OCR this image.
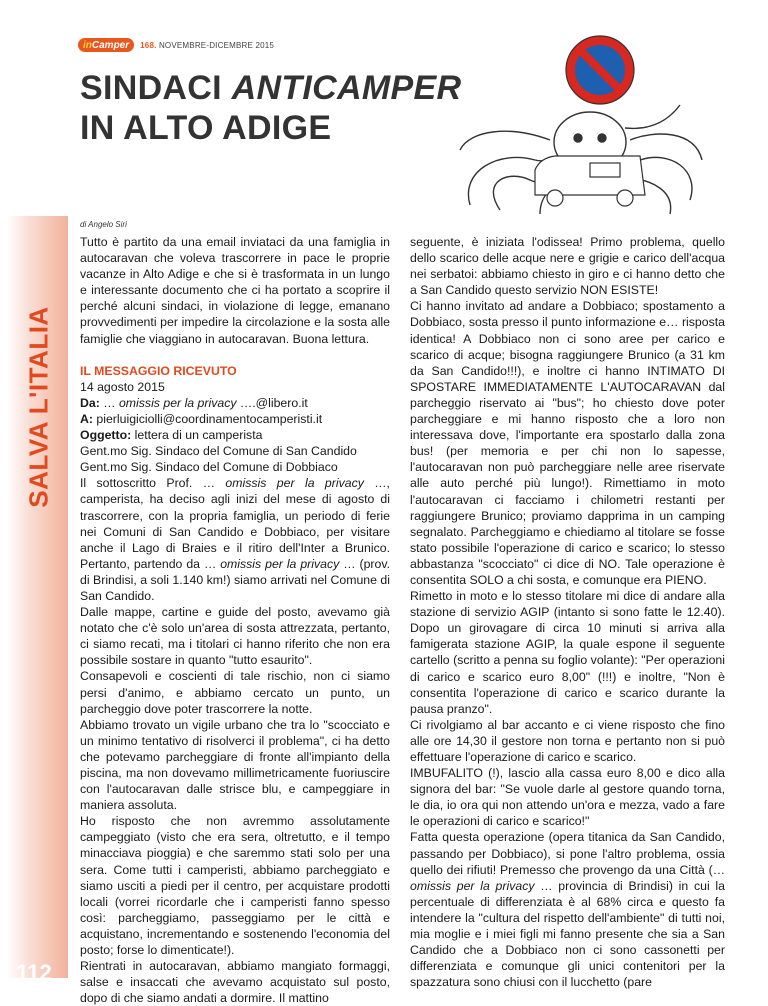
SALVA L'ITALIA
112
in Camper 168. NOVEMBRE-DICEMBRE 2015
SINDACI ANTICAMPER
IN ALTO ADIGE
di Angelo Siri

Tutto è partito da una email inviataci da una famiglia in autocaravan che voleva trascorrere in pace le proprie vacanze in Alto Adige e che si è trasformata in un lungo e interessante documento che ci ha portato a scoprire il perché alcuni sindaci, in violazione di legge, emanano provvedimenti per impedire la circolazione e la sosta alle famiglie che viaggiano in autocaravan. Buona lettura.

IL MESSAGGIO RICEVUTO

14 agosto 2015

Da: … omissis per la privacy ….@libero.it

A: pierluigiciolli@coordinamentocamperisti.it

Oggetto: lettera di un camperista

Gent.mo Sig. Sindaco del Comune di San Candido

Gent.mo Sig. Sindaco del Comune di Dobbiaco

Il sottoscritto Prof. … omissis per la privacy …, camperista, ha deciso agli inizi del mese di agosto di trascorrere, con la propria famiglia, un periodo di ferie nei Comuni di San Candido e Dobbiaco, per visitare anche il Lago di Braies e il ritiro dell'Inter a Brunico. Pertanto, partendo da … omissis per la privacy … (prov. di Brindisi, a soli 1.140 km!) siamo arrivati nel Comune di San Candido.

Dalle mappe, cartine e guide del posto, avevamo già notato che c'è solo un'area di sosta attrezzata, pertanto, ci siamo recati, ma i titolari ci hanno riferito che non era possibile sostare in quanto "tutto esaurito".

Consapevoli e coscienti di tale rischio, non ci siamo persi d'animo, e abbiamo cercato un punto, un parcheggio dove poter trascorrere la notte.

Abbiamo trovato un vigile urbano che tra lo "scocciato e un minimo tentativo di risolverci il problema", ci ha detto che potevamo parcheggiare di fronte all'impianto della piscina, ma non dovevamo millimetricamente fuoriuscire con l'autocaravan dalle strisce blu, e campeggiare in maniera assoluta.

Ho risposto che non avremmo assolutamente campeggiato (visto che era sera, oltretutto, e il tempo minacciava pioggia) e che saremmo stati solo per una sera. Come tutti i camperisti, abbiamo parcheggiato e siamo usciti a piedi per il centro, per acquistare prodotti locali (vorrei ricordarle che i camperisti fanno spesso così: parcheggiamo, passeggiamo per le città e acquistano, incrementando e sostenendo l'economia del posto; forse lo dimenticate!).

Rientrati in autocaravan, abbiamo mangiato formaggi, salse e insaccati che avevamo acquistato sul posto, dopo di che siamo andati a dormire. Il mattino

seguente, è iniziata l'odissea! Primo problema, quello dello scarico delle acque nere e grigie e carico dell'acqua nei serbatoi: abbiamo chiesto in giro e ci hanno detto che a San Candido questo servizio NON ESISTE!

Ci hanno invitato ad andare a Dobbiaco; spostamento a Dobbiaco, sosta presso il punto informazione e… risposta identica! A Dobbiaco non ci sono aree per carico e scarico di acque; bisogna raggiungere Brunico (a 31 km da San Candido!!!), e inoltre ci hanno INTIMATO DI SPOSTARE IMMEDIATAMENTE L'AUTOCARAVAN dal parcheggio riservato ai "bus"; ho chiesto dove poter parcheggiare e mi hanno risposto che a loro non interessava dove, l'importante era spostarlo dalla zona bus! (per memoria e per chi non lo sapesse, l'autocaravan non può parcheggiare nelle aree riservate alle auto perché più lungo!). Rimettiamo in moto l'autocaravan ci facciamo i chilometri restanti per raggiungere Brunico; proviamo dapprima in un camping segnalato. Parcheggiamo e chiediamo al titolare se fosse stato possibile l'operazione di carico e scarico; lo stesso abbastanza "scocciato" ci dice di NO. Tale operazione è consentita SOLO a chi sosta, e comunque era PIENO.

Rimetto in moto e lo stesso titolare mi dice di andare alla stazione di servizio AGIP (intanto si sono fatte le 12.40). Dopo un girovagare di circa 10 minuti si arriva alla famigerata stazione AGIP, la quale espone il seguente cartello (scritto a penna su foglio volante): "Per operazioni di carico e scarico euro 8,00" (!!!) e inoltre, "Non è consentita l'operazione di carico e scarico durante la pausa pranzo".

Ci rivolgiamo al bar accanto e ci viene risposto che fino alle ore 14,30 il gestore non torna e pertanto non si può effettuare l'operazione di carico e scarico.

IMBUFALITO (!), lascio alla cassa euro 8,00 e dico alla signora del bar: "Se vuole darle al gestore quando torna, le dia, io ora qui non attendo un'ora e mezza, vado a fare le operazioni di carico e scarico!"

Fatta questa operazione (opera titanica da San Candido, passando per Dobbiaco), si pone l'altro problema, ossia quello dei rifiuti! Premesso che provengo da una Città (… omissis per la privacy … provincia di Brindisi) in cui la percentuale di differenziata è al 68% circa e questo fa intendere la "cultura del rispetto dell'ambiente" di tutti noi, mia moglie e i miei figli mi fanno presente che sia a San Candido che a Dobbiaco non ci sono cassonetti per differenziata e comunque gli unici contenitori per la spazzatura sono chiusi con il lucchetto (pare
